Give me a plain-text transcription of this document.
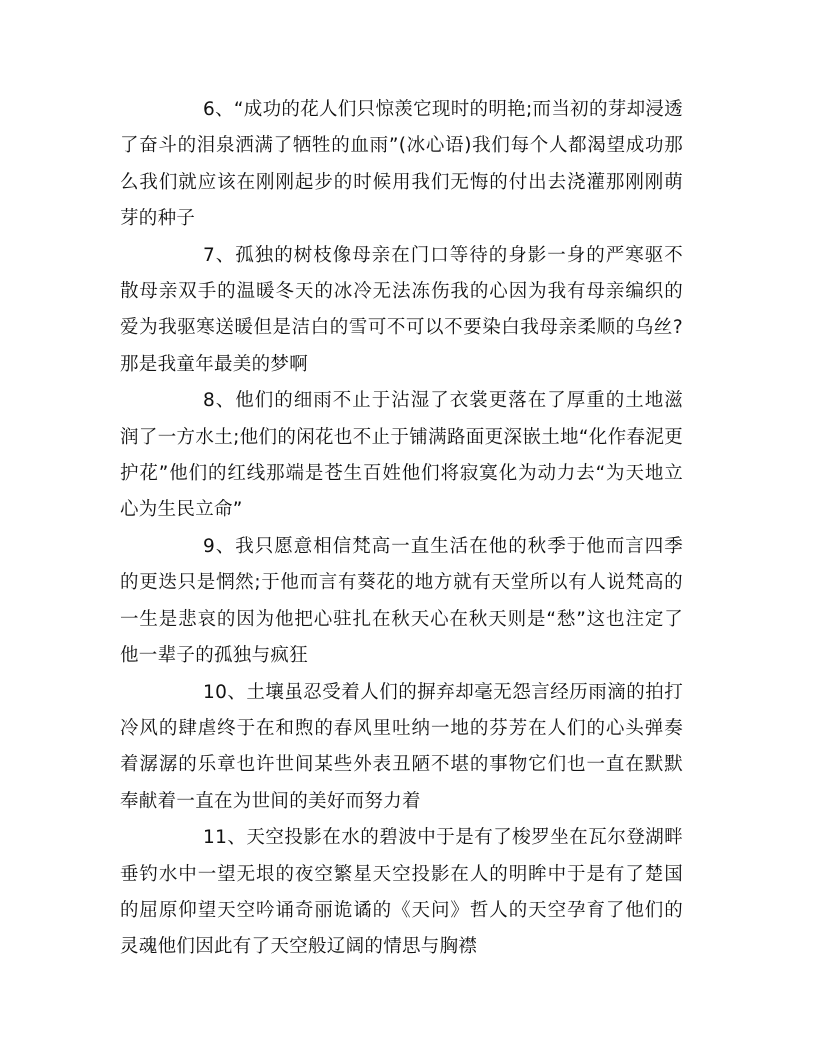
6、“成功的花人们只惊羡它现时的明艳;而当初的芽却浸透了奋斗的泪泉洒满了牺牲的血雨”(冰心语)我们每个人都渴望成功那么我们就应该在刚刚起步的时候用我们无悔的付出去浇灌那刚刚萌芽的种子

7、孤独的树枝像母亲在门口等待的身影一身的严寒驱不散母亲双手的温暖冬天的冰冷无法冻伤我的心因为我有母亲编织的爱为我驱寒送暖但是洁白的雪可不可以不要染白我母亲柔顺的乌丝?那是我童年最美的梦啊

8、他们的细雨不止于沾湿了衣裳更落在了厚重的土地滋润了一方水土;他们的闲花也不止于铺满路面更深嵌土地“化作春泥更护花”他们的红线那端是苍生百姓他们将寂寞化为动力去“为天地立心为生民立命”

9、我只愿意相信梵高一直生活在他的秋季于他而言四季的更迭只是惘然;于他而言有葵花的地方就有天堂所以有人说梵高的一生是悲哀的因为他把心驻扎在秋天心在秋天则是“愁”这也注定了他一辈子的孤独与疯狂

10、土壤虽忍受着人们的摒弃却毫无怨言经历雨滴的拍打冷风的肆虐终于在和煦的春风里吐纳一地的芬芳在人们的心头弹奏着潺潺的乐章也许世间某些外表丑陋不堪的事物它们也一直在默默奉献着一直在为世间的美好而努力着

11、天空投影在水的碧波中于是有了梭罗坐在瓦尔登湖畔垂钓水中一望无垠的夜空繁星天空投影在人的明眸中于是有了楚国的屈原仰望天空吟诵奇丽诡谲的《天问》哲人的天空孕育了他们的灵魂他们因此有了天空般辽阔的情思与胸襟
